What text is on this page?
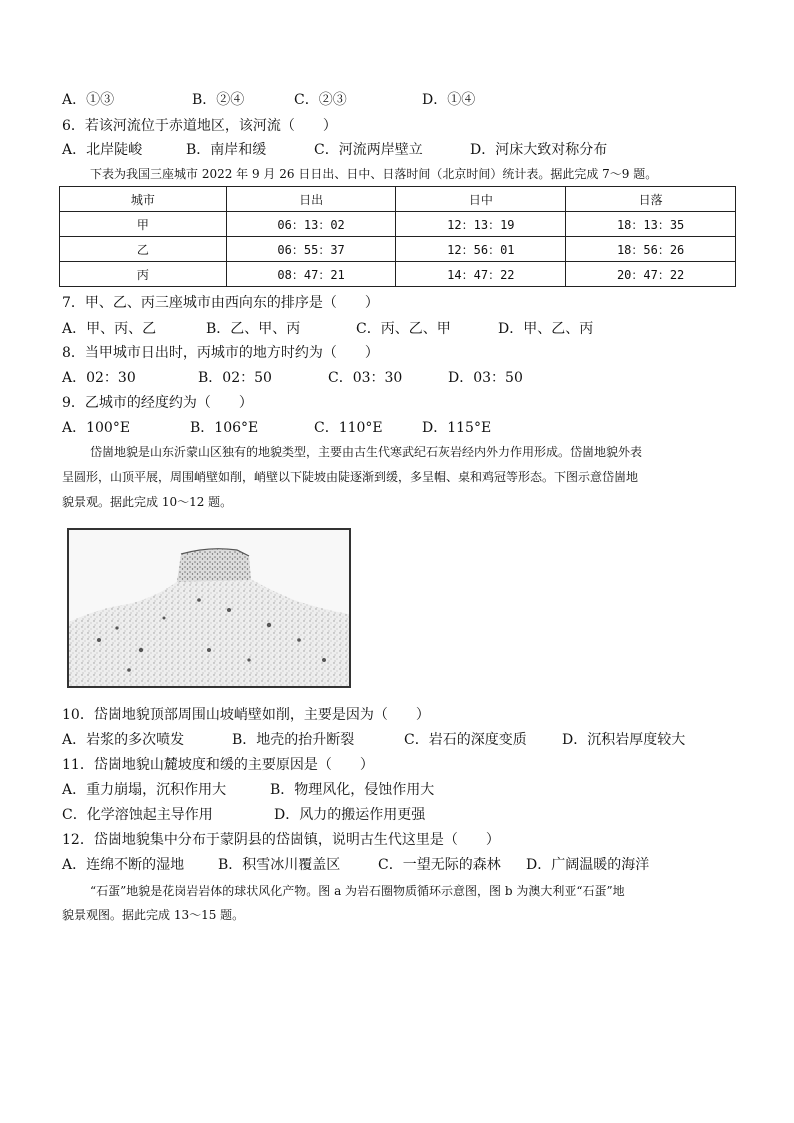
A．①③	B．②④	C．②③	D．①④
6．若该河流位于赤道地区，该河流（　　）
A．北岸陡峻	B．南岸和缓	C．河流两岸壁立	D．河床大致对称分布
下表为我国三座城市 2022 年 9 月 26 日日出、日中、日落时间（北京时间）统计表。据此完成 7～9 题。
城市	日出	日中	日落
甲	06：13：02	12：13：19	18：13：35
乙	06：55：37	12：56：01	18：56：26
丙	08：47：21	14：47：22	20：47：22
7．甲、乙、丙三座城市由西向东的排序是（　　）
A．甲、丙、乙	B．乙、甲、丙	C．丙、乙、甲	D．甲、乙、丙
8．当甲城市日出时，丙城市的地方时约为（　　）
A．02：30	B．02：50	C．03：30	D．03：50
9．乙城市的经度约为（　　）
A．100°E	B．106°E	C．110°E	D．115°E
岱崮地貌是山东沂蒙山区独有的地貌类型，主要由古生代寒武纪石灰岩经内外力作用形成。岱崮地貌外表
呈圆形，山顶平展，周围峭壁如削，峭壁以下陡坡由陡逐渐到缓，多呈帽、桌和鸡冠等形态。下图示意岱崮地
貌景观。据此完成 10～12 题。
10．岱崮地貌顶部周围山坡峭壁如削，主要是因为（　　）
A．岩浆的多次喷发	B．地壳的抬升断裂	C．岩石的深度变质	D．沉积岩厚度较大
11．岱崮地貌山麓坡度和缓的主要原因是（　　）
A．重力崩塌，沉积作用大	B．物理风化，侵蚀作用大
C．化学溶蚀起主导作用	D．风力的搬运作用更强
12．岱崮地貌集中分布于蒙阴县的岱崮镇，说明古生代这里是（　　）
A．连绵不断的湿地 B．积雪冰川覆盖区	C．一望无际的森林 D．广阔温暖的海洋
“石蛋”地貌是花岗岩岩体的球状风化产物。图 a 为岩石圈物质循环示意图，图 b 为澳大利亚“石蛋”地
貌景观图。据此完成 13～15 题。
